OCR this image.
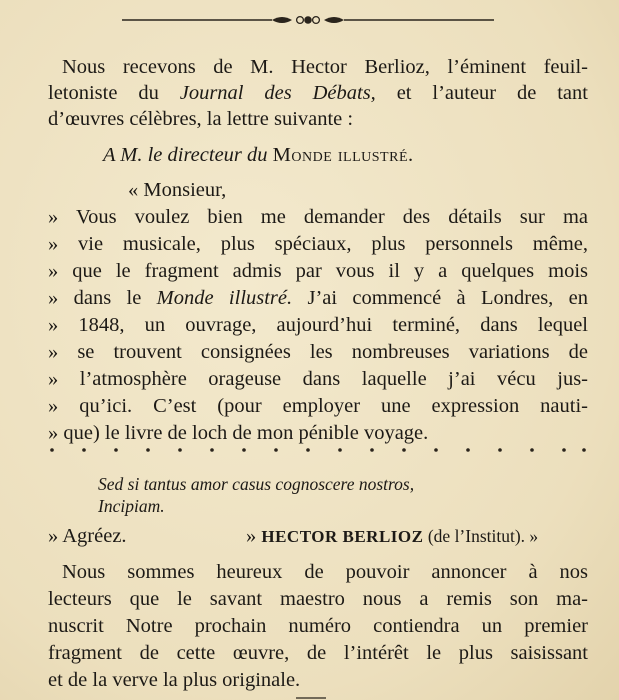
Nous recevons de M. Hector Berlioz, l’éminent feuil-
letoniste du Journal des Débats, et l’auteur de tant
d’œuvres célèbres, la lettre suivante :
A M. le directeur du Monde illustré.
« Monsieur,
» Vous voulez bien me demander des détails sur ma
» vie musicale, plus spéciaux, plus personnels même,
» que le fragment admis par vous il y a quelques mois
» dans le Monde illustré. J’ai commencé à Londres, en
» 1848, un ouvrage, aujourd’hui terminé, dans lequel
» se trouvent consignées les nombreuses variations de
» l’atmosphère orageuse dans laquelle j’ai vécu jus-
» qu’ici. C’est (pour employer une expression nauti-
» que) le livre de loch de mon pénible voyage.
Sed si tantus amor casus cognoscere nostros,
Incipiam.
» Agréez.	» HECTOR BERLIOZ (de l’Institut). »
Nous sommes heureux de pouvoir annoncer à nos
lecteurs que le savant maestro nous a remis son ma-
nuscrit Notre prochain numéro contiendra un premier
fragment de cette œuvre, de l’intérêt le plus saisissant
et de la verve la plus originale.
